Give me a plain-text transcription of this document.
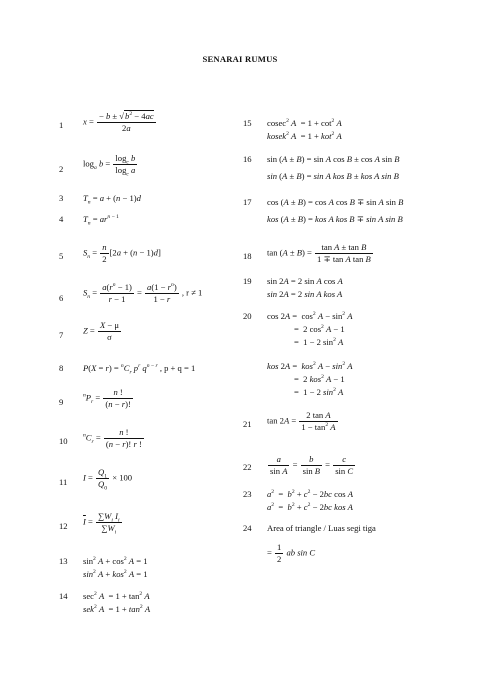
SENARAI RUMUS
1 $x = \frac{- b \pm √b^2 - 4ac}{2a}$
2
$\log_a b = \frac{\log_c b}{\log_c a}$
3 $T_n = a + (n - 1)d$
4 $T_n = ar^{n - 1}$
5 $S_n = \frac{n}{2} [2a + (n - 1)d]$
6
$S_n = \frac{a(r^n - 1)}{r - 1} = \frac{a(1 - r^n)}{1 - r}$ , r ≠ 1
7 $Z = \frac{X - \mu}{\sigma}$
8 $P(X = r) = ^nC_r$ $p^r$ $q^{n - r}$ , p + q = 1
9
$^nP_r = \frac{n !}{(n - r)!}$
10
$^nC_r = \frac{n !}{(n - r)! r !}$
11 $I = \frac{Q_1}{Q_0} \times 100$
12 $\overline{I} = \frac{\sum W_i I_i}{\sum W_i}$
13 $\sin^2 A + \cos^2 A = 1$
$\sin^2 A + kos^2$ A = 1
14 $\sec^2 A = 1 + \tan^2 A$
sek$^2$ $A = 1 + \tan^2 A$
15 cosec$^2$ $A = 1 + \cot^2 A$
kosek$^2$ A  = 1 + kot$^2$ A
16 sin (A ± B) = sin A cos B ± cos A sin B
sin (A ± B) = sin A kos B ± kos A sin B
17 cos (A ± B) = cos A cos B ∓ sin A sin B
kos (A ± B) = kos A kos B ∓ sin A sin B
18 $\tan (A \pm B) = \frac{\text{tan A ± tan B}}{\text{1 ∓ tan A tan B}}$
19 sin 2A = 2 sin A cos A
sin 2A = 2 sin A kos A
20 $\cos 2A = \cos^2 A - \sin^2 A$
=  2 $\cos^2 A - 1$
=  1 − 2 $\sin^2 A$
kos 2A =  kos$^2$ $A - \sin^2 A$
=  2 kos$^2$ A − 1
=  1 − 2 $\sin^2 A$
21 $\tan 2A = \frac{\text{2 tan A}}{1 - \tan^2 A}$
$22 \frac{a}{\text{sin A}} = \frac{b}{\text{sin B}} = \frac{c}{\text{sin C}}$
23 $a^2 = b^2 + c^2 - 2bc$ cos A
$a^2 = b^2 + c^2 - 2bc$ kos A
24 Area of triangle / Luas segi tiga
= $\frac{1}{2}$ ab sin C
